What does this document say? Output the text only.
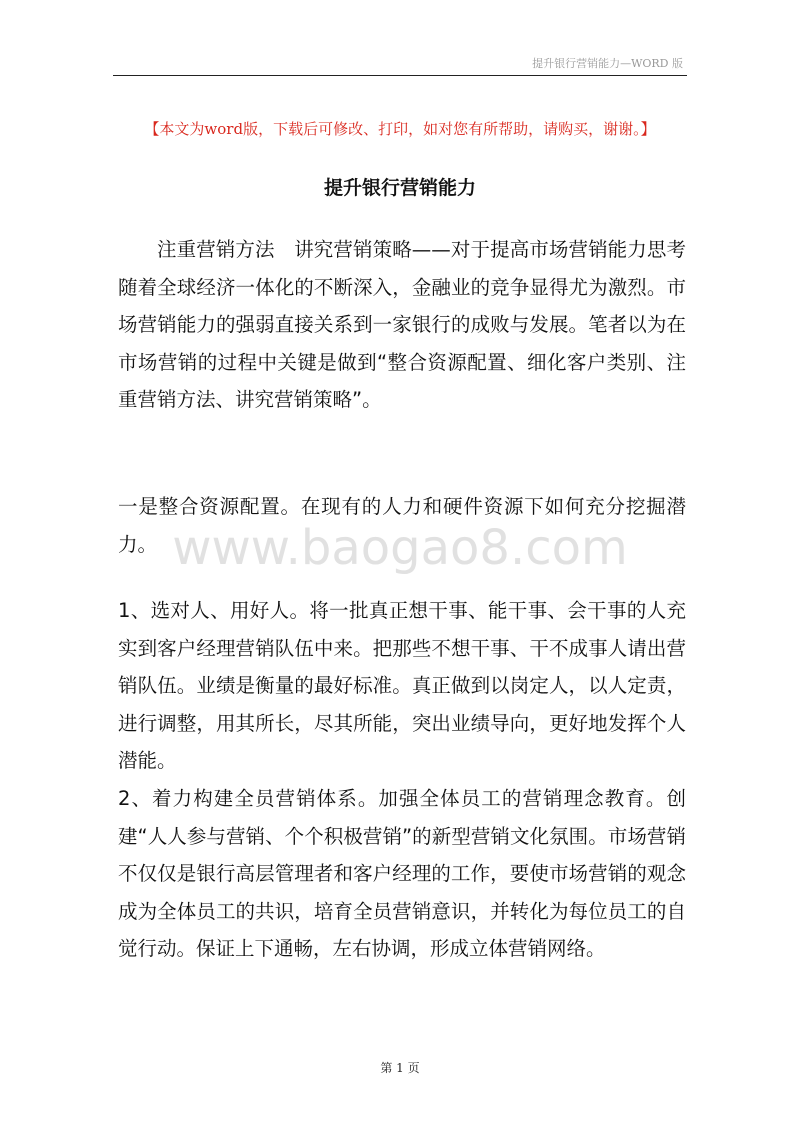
提升银行营销能力—WORD 版
【本文为word版，下载后可修改、打印，如对您有所帮助，请购买，谢谢。】
提升银行营销能力
注重营销方法　讲究营销策略——对于提高市场营销能力思考随着全球经济一体化的不断深入，金融业的竞争显得尤为激烈。市场营销能力的强弱直接关系到一家银行的成败与发展。笔者以为在市场营销的过程中关键是做到“整合资源配置、细化客户类别、注重营销方法、讲究营销策略”。
一是整合资源配置。在现有的人力和硬件资源下如何充分挖掘潜力。
1、选对人、用好人。将一批真正想干事、能干事、会干事的人充实到客户经理营销队伍中来。把那些不想干事、干不成事人请出营销队伍。业绩是衡量的最好标准。真正做到以岗定人，以人定责，进行调整，用其所长，尽其所能，突出业绩导向，更好地发挥个人潜能。
2、着力构建全员营销体系。加强全体员工的营销理念教育。创建“人人参与营销、个个积极营销”的新型营销文化氛围。市场营销不仅仅是银行高层管理者和客户经理的工作，要使市场营销的观念成为全体员工的共识，培育全员营销意识，并转化为每位员工的自觉行动。保证上下通畅，左右协调，形成立体营销网络。
www.baogao8.com
第 1 页
